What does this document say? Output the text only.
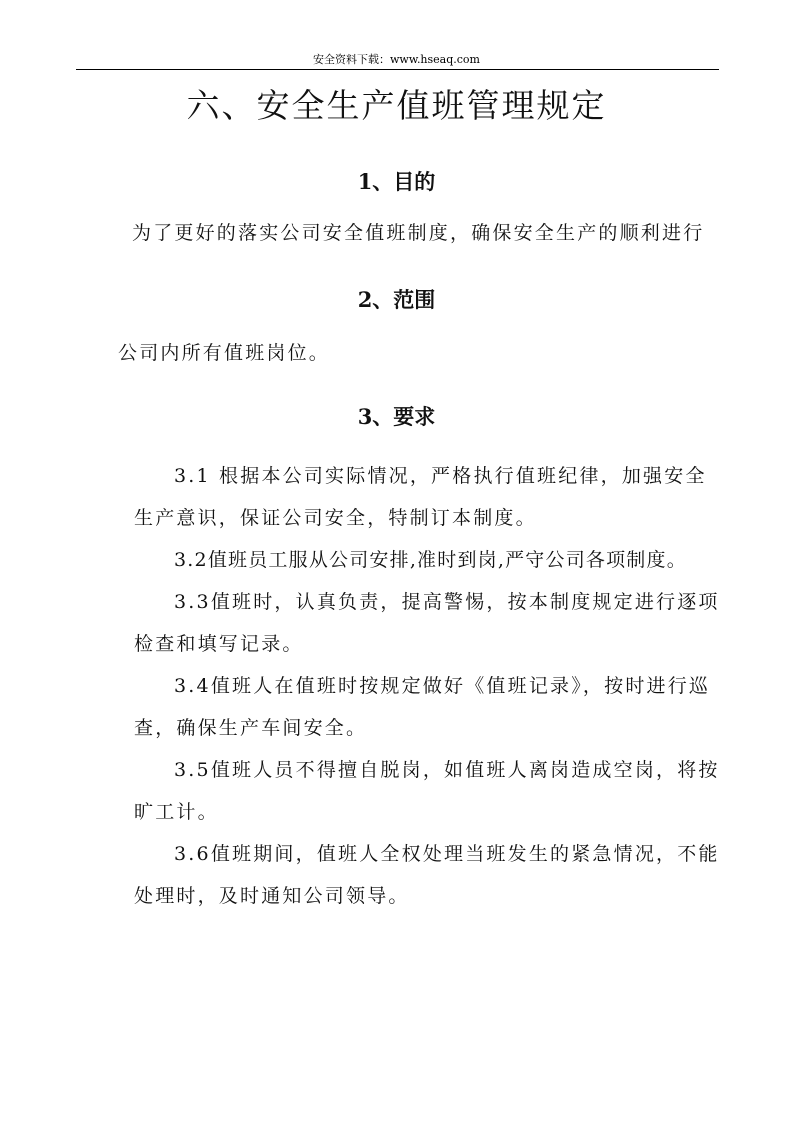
安全资料下载：www.hseaq.com
六、安全生产值班管理规定
1、目的

为了更好的落实公司安全值班制度，确保安全生产的顺利进行

2、范围

公司内所有值班岗位。

3、要求
3.1 根据本公司实际情况，严格执行值班纪律，加强安全生产意识，保证公司安全，特制订本制度。
3.2值班员工服从公司安排,准时到岗,严守公司各项制度。
3.3值班时，认真负责，提高警惕，按本制度规定进行逐项检查和填写记录。
3.4值班人在值班时按规定做好《值班记录》，按时进行巡查，确保生产车间安全。
3.5值班人员不得擅自脱岗，如值班人离岗造成空岗，将按旷工计。
3.6值班期间，值班人全权处理当班发生的紧急情况，不能处理时，及时通知公司领导。
